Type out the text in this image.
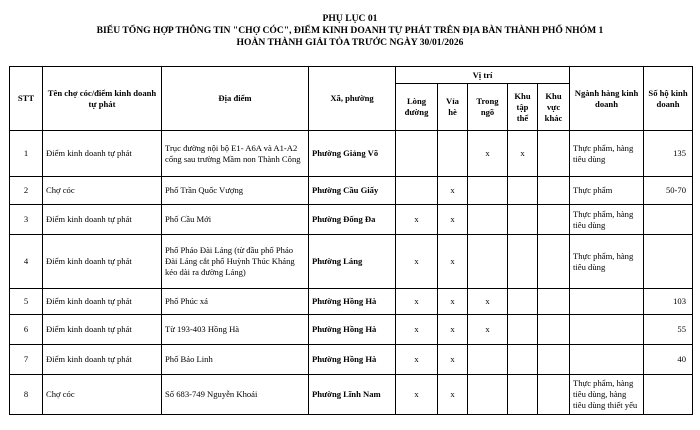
PHỤ LỤC 01
BIỂU TỔNG HỢP THÔNG TIN "CHỢ CÓC", ĐIỂM KINH DOANH TỰ PHÁT TRÊN ĐỊA BÀN THÀNH PHỐ NHÓM 1
HOÀN THÀNH GIẢI TỎA TRƯỚC NGÀY 30/01/2026
STT	Tên chợ cóc/điểm kinh doanh tự phát	Địa điểm	Xã, phường	Vị trí					Ngành hàng kinh doanh	Số hộ kinh doanh
				Lòng đường	Vỉa hè	Trong ngõ	Khu tập thể	Khu vực khác		
1	Điểm kinh doanh tự phát	Trục đường nội bộ E1- A6A và A1-A2 cổng sau trường Mầm non Thành Công	Phường Giảng Võ			x	x		Thực phẩm, hàng tiêu dùng	135
2	Chợ cóc	Phố Trần Quốc Vượng	Phường Cầu Giấy		x				Thực phẩm	50-70
3	Điểm kinh doanh tự phát	Phố Cầu Mới	Phường Đống Đa	x	x				Thực phẩm, hàng tiêu dùng	
4	Điểm kinh doanh tự phát	Phố Pháo Đài Láng (từ đầu phố Pháo Đài Láng cắt phố Huỳnh Thúc Kháng kéo dài ra đường Láng)	Phường Láng	x	x				Thực phẩm, hàng tiêu dùng	
5	Điểm kinh doanh tự phát	Phố Phúc xá	Phường Hồng Hà	x	x	x				103
6	Điểm kinh doanh tự phát	Từ 193-403 Hồng Hà	Phường Hồng Hà	x	x	x				55
7	Điểm kinh doanh tự phát	Phố Bảo Linh	Phường Hồng Hà	x	x					40
8	Chợ cóc	Số 683-749 Nguyễn Khoái	Phường Lĩnh Nam	x	x				Thực phẩm, hàng tiêu dùng, hàng tiêu dùng thiết yếu	
